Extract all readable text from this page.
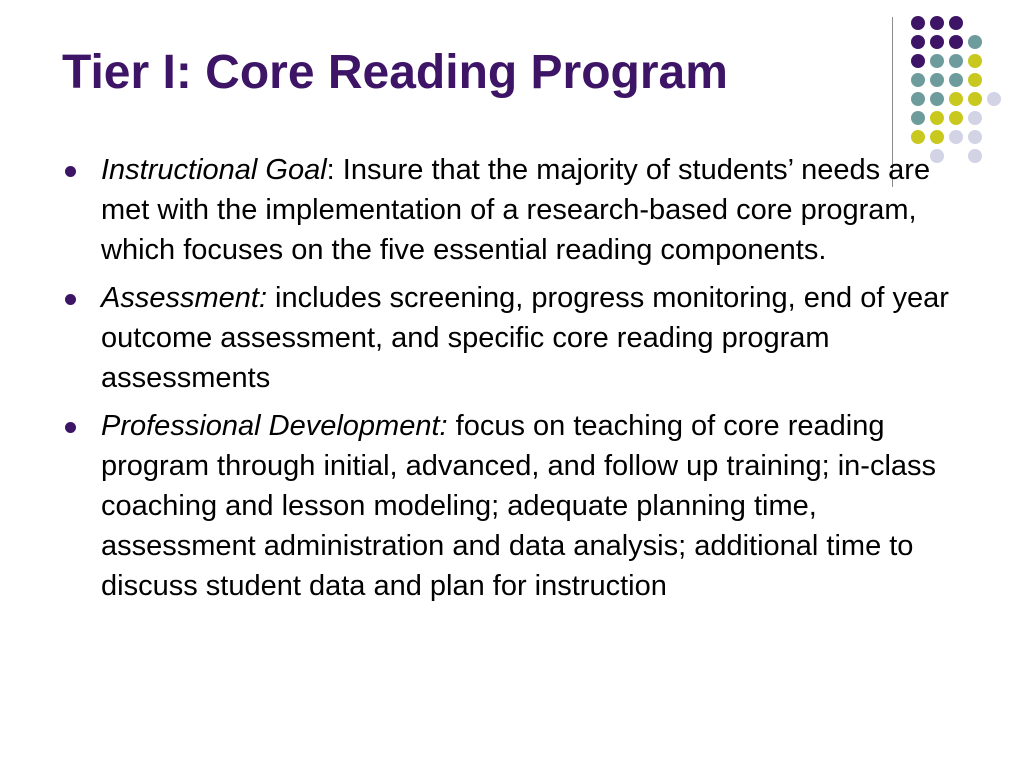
Tier I: Core Reading Program
Instructional Goal: Insure that the majority of students’ needs are met with the implementation of a research-based core program, which focuses on the five essential reading components.
Assessment: includes screening, progress monitoring, end of year outcome assessment, and specific core reading program assessments
Professional Development: focus on teaching of core reading program through initial, advanced, and follow up training; in-class coaching and lesson modeling; adequate planning time, assessment administration and data analysis; additional time to discuss student data and plan for instruction
